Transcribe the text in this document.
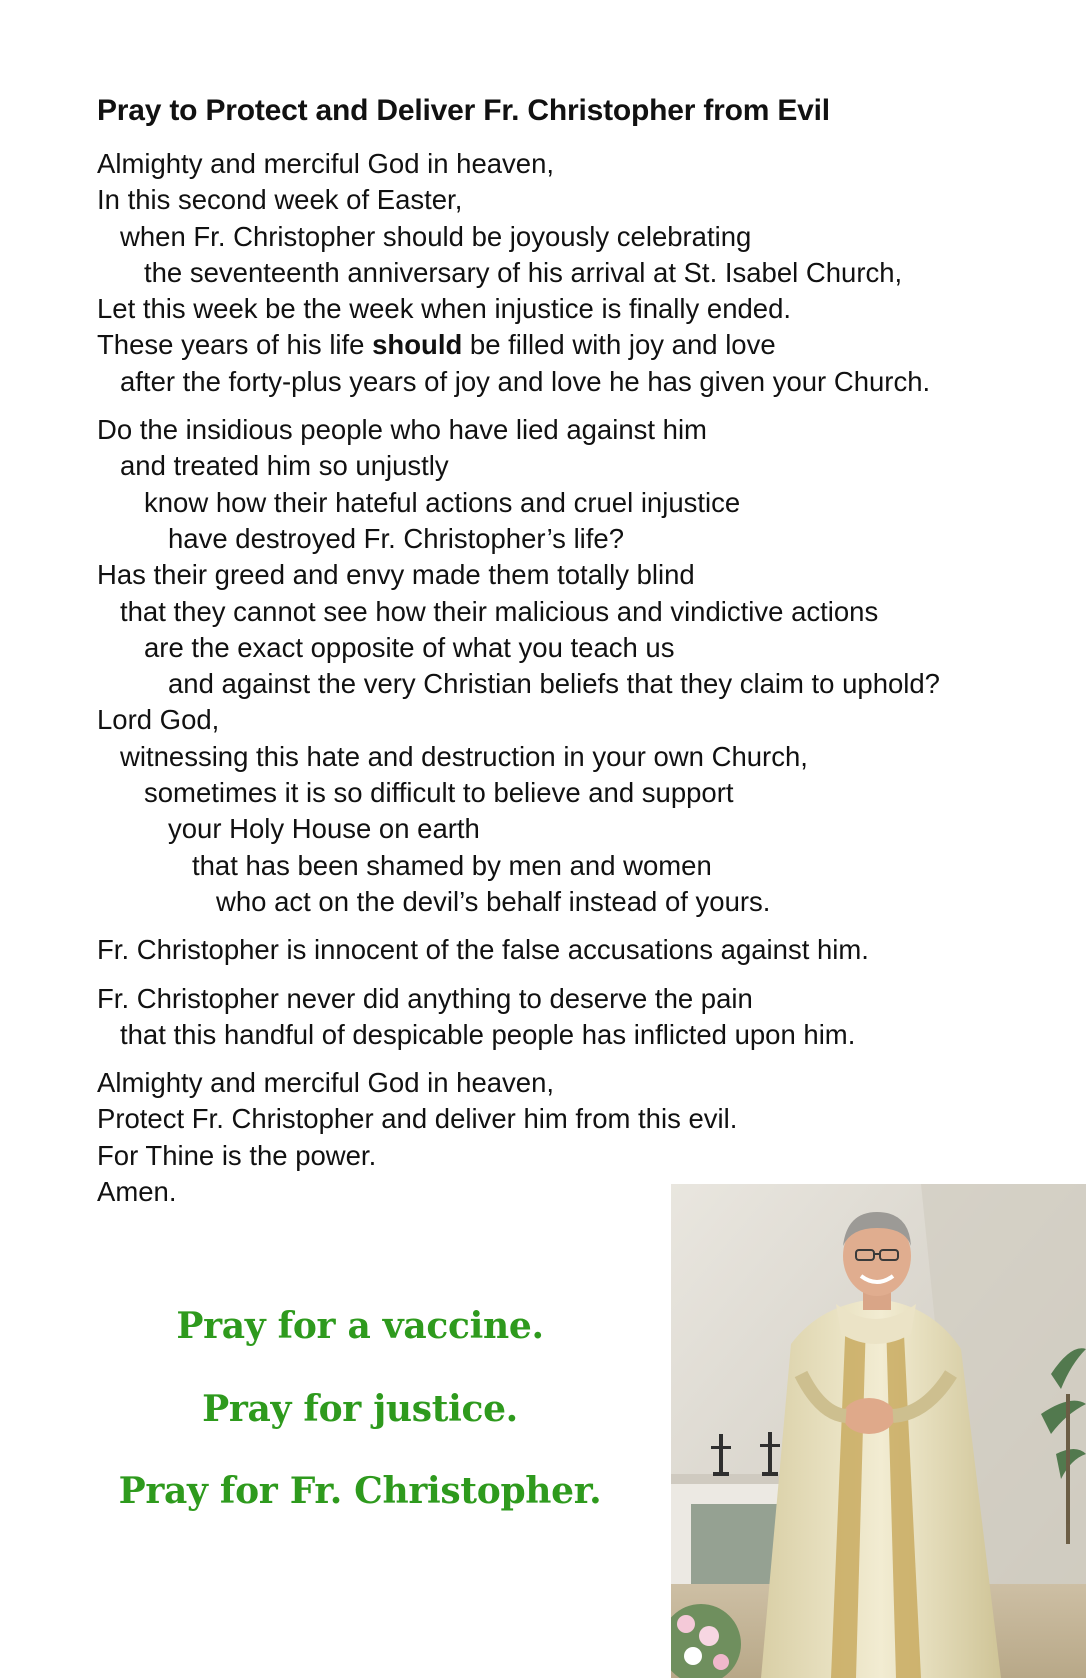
Pray to Protect and Deliver Fr. Christopher from Evil
Almighty and merciful God in heaven,
In this second week of Easter,
when Fr. Christopher should be joyously celebrating
the seventeenth anniversary of his arrival at St. Isabel Church,
Let this week be the week when injustice is finally ended.
These years of his life should be filled with joy and love
after the forty-plus years of joy and love he has given your Church.
Do the insidious people who have lied against him
and treated him so unjustly
know how their hateful actions and cruel injustice
have destroyed Fr. Christopher’s life?
Has their greed and envy made them totally blind
that they cannot see how their malicious and vindictive actions
are the exact opposite of what you teach us
and against the very Christian beliefs that they claim to uphold?
Lord God,
witnessing this hate and destruction in your own Church,
sometimes it is so difficult to believe and support
your Holy House on earth
that has been shamed by men and women
who act on the devil’s behalf instead of yours.
Fr. Christopher is innocent of the false accusations against him.
Fr. Christopher never did anything to deserve the pain
that this handful of despicable people has inflicted upon him.
Almighty and merciful God in heaven,
Protect Fr. Christopher and deliver him from this evil.
For Thine is the power.
Amen.
Pray for a vaccine.
Pray for justice.
Pray for Fr. Christopher.
